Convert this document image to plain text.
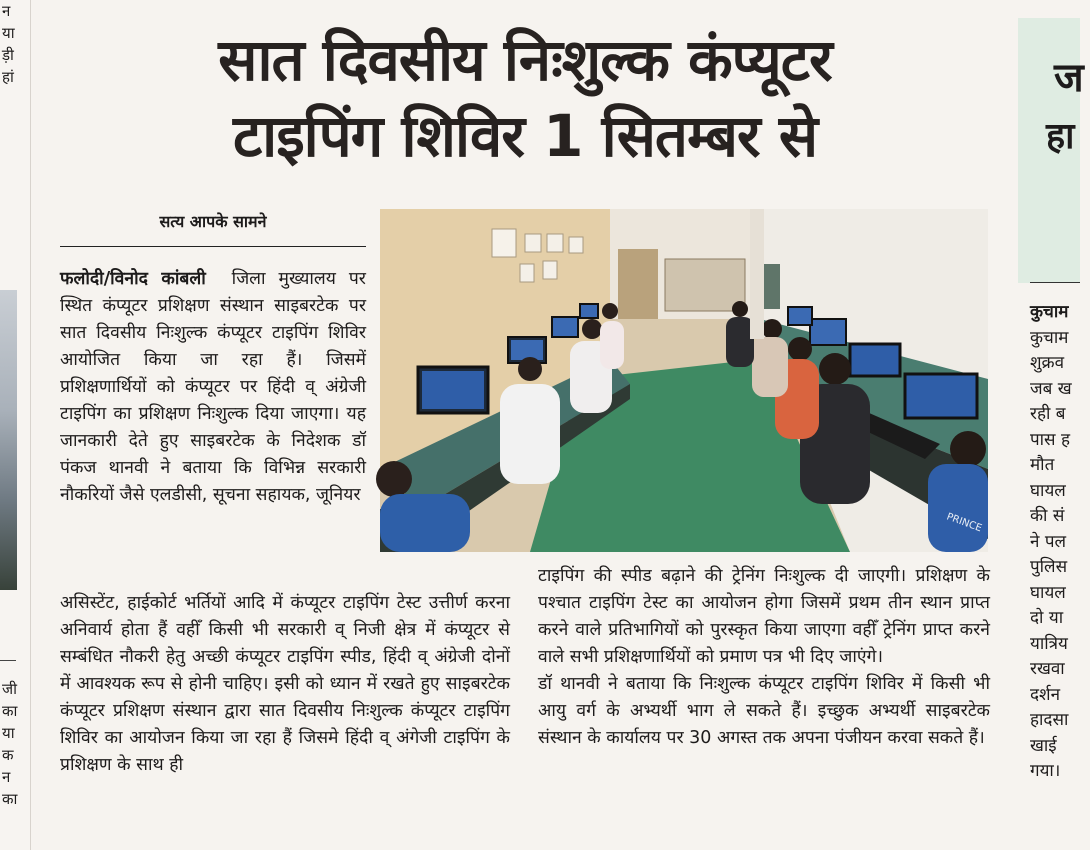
न
या
ड़ी
हां
जी
का
या
क
न
का
ज
हा
कुचाम
कुचाम
शुक्रव
जब ख
रही ब
पास ह
मौत
घायल
की सं
ने पल
पुलिस
घायल
दो या
यात्रिय
रखवा
दर्शन
हादसा
खाई
गया।
सात दिवसीय निःशुल्क कंप्यूटर
टाइपिंग शिविर 1 सितम्बर से
सत्य आपके सामने
फलोदी/विनोद कांबली जिला मुख्यालय पर स्थित कंप्यूटर प्रशिक्षण संस्थान साइबरटेक पर सात दिवसीय निःशुल्क कंप्यूटर टाइपिंग शिविर आयोजित किया जा रहा हैं। जिसमें प्रशिक्षणार्थियों को कंप्यूटर पर हिंदी व् अंग्रेजी टाइपिंग का प्रशिक्षण निःशुल्क दिया जाएगा। यह जानकारी देते हुए साइबरटेक के निदेशक डॉ पंकज थानवी ने बताया कि विभिन्न सरकारी नौकरियों जैसे एलडीसी, सूचना सहायक, जूनियर
असिस्टेंट, हाईकोर्ट भर्तियों आदि में कंप्यूटर टाइपिंग टेस्ट उत्तीर्ण करना अनिवार्य होता हैं वहीँ किसी भी सरकारी व् निजी क्षेत्र में कंप्यूटर से सम्बंधित नौकरी हेतु अच्छी कंप्यूटर टाइपिंग स्पीड, हिंदी व् अंग्रेजी दोनों में आवश्यक रूप से होनी चाहिए। इसी को ध्यान में रखते हुए साइबरटेक कंप्यूटर प्रशिक्षण संस्थान द्वारा सात दिवसीय निःशुल्क कंप्यूटर टाइपिंग शिविर का आयोजन किया जा रहा हैं जिसमे हिंदी व् अंगेजी टाइपिंग के प्रशिक्षण के साथ ही
टाइपिंग की स्पीड बढ़ाने की ट्रेनिंग निःशुल्क दी जाएगी। प्रशिक्षण के पश्चात टाइपिंग टेस्ट का आयोजन होगा जिसमें प्रथम तीन स्थान प्राप्त करने वाले प्रतिभागियों को पुरस्कृत किया जाएगा वहीँ ट्रेनिंग प्राप्त करने वाले सभी प्रशिक्षणार्थियों को प्रमाण पत्र भी दिए जाएंगे।
डॉ थानवी ने बताया कि निःशुल्क कंप्यूटर टाइपिंग शिविर में किसी भी आयु वर्ग के अभ्यर्थी भाग ले सकते हैं। इच्छुक अभ्यर्थी साइबरटेक संस्थान के कार्यालय पर 30 अगस्त तक अपना पंजीयन करवा सकते हैं।
PRINCE
